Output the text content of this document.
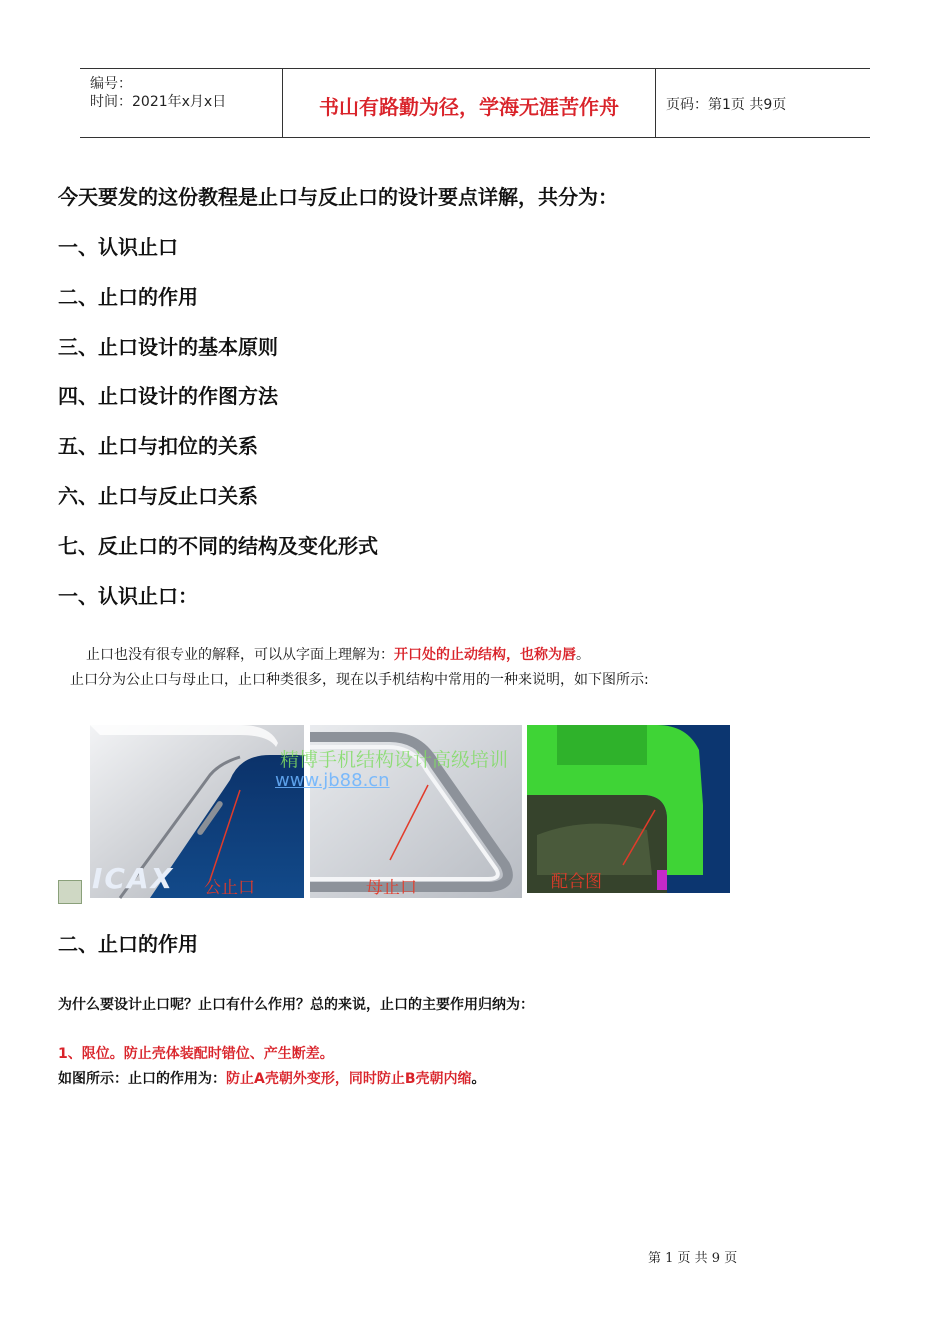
编号：
时间：2021年x月x日	书山有路勤为径，学海无涯苦作舟	页码：第1页 共9页
今天要发的这份教程是止口与反止口的设计要点详解，共分为：
一、认识止口
二、止口的作用
三、止口设计的基本原则
四、止口设计的作图方法
五、止口与扣位的关系
六、止口与反止口关系
七、反止口的不同的结构及变化形式
一、认识止口：
止口也没有很专业的解释，可以从字面上理解为：开口处的止动结构，也称为唇。
止口分为公止口与母止口，止口种类很多，现在以手机结构中常用的一种来说明，如下图所示:
公止口
ICAX
精博手机结构设计高级培训
www.jb88.cn
母止口	配合图
二、止口的作用
为什么要设计止口呢？止口有什么作用？总的来说，止口的主要作用归纳为：
1、限位。防止壳体装配时错位、产生断差。
如图所示：止口的作用为：防止A壳朝外变形，同时防止B壳朝内缩。
第 1 页 共 9 页
